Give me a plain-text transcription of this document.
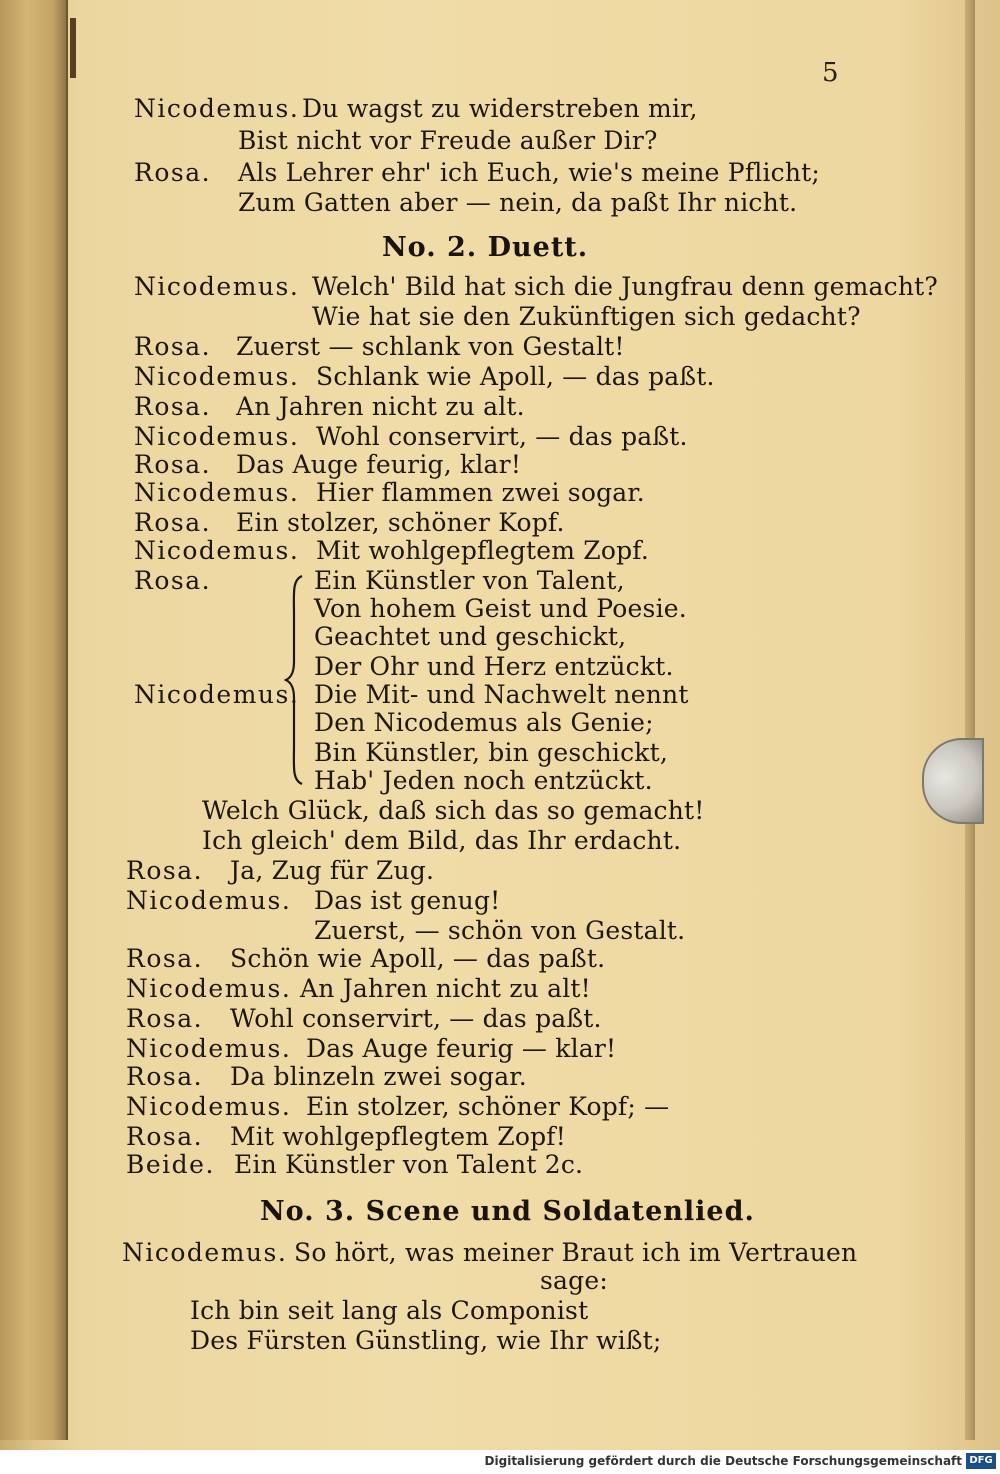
5
Nicodemus. Du wagst zu widerstreben mir,
Bist nicht vor Freude außer Dir?
Rosa. Als Lehrer ehr' ich Euch, wie's meine Pflicht;
Zum Gatten aber — nein, da paßt Ihr nicht.
No. 2. Duett.
Nicodemus. Welch' Bild hat sich die Jungfrau denn gemacht?
Wie hat sie den Zukünftigen sich gedacht?
Rosa. Zuerst — schlank von Gestalt!
Nicodemus. Schlank wie Apoll, — das paßt.
Rosa. An Jahren nicht zu alt.
Nicodemus. Wohl conservirt, — das paßt.
Rosa. Das Auge feurig, klar!
Nicodemus. Hier flammen zwei sogar.
Rosa. Ein stolzer, schöner Kopf.
Nicodemus. Mit wohlgepflegtem Zopf.
Rosa.
Nicodemus.
Ein Künstler von Talent,
Von hohem Geist und Poesie.
Geachtet und geschickt,
Der Ohr und Herz entzückt.
Die Mit- und Nachwelt nennt
Den Nicodemus als Genie;
Bin Künstler, bin geschickt,
Hab' Jeden noch entzückt.
Welch Glück, daß sich das so gemacht!
Ich gleich' dem Bild, das Ihr erdacht.
Rosa. Ja, Zug für Zug.
Nicodemus. Das ist genug!
Zuerst, — schön von Gestalt.
Rosa. Schön wie Apoll, — das paßt.
Nicodemus. An Jahren nicht zu alt!
Rosa. Wohl conservirt, — das paßt.
Nicodemus. Das Auge feurig — klar!
Rosa. Da blinzeln zwei sogar.
Nicodemus. Ein stolzer, schöner Kopf; —
Rosa. Mit wohlgepflegtem Zopf!
Beide. Ein Künstler von Talent 2c.
No. 3. Scene und Soldatenlied.
Nicodemus. So hört, was meiner Braut ich im Vertrauen
sage:
Ich bin seit lang als Componist
Des Fürsten Günstling, wie Ihr wißt;
Digitalisierung gefördert durch die Deutsche Forschungsgemeinschaft DFG
